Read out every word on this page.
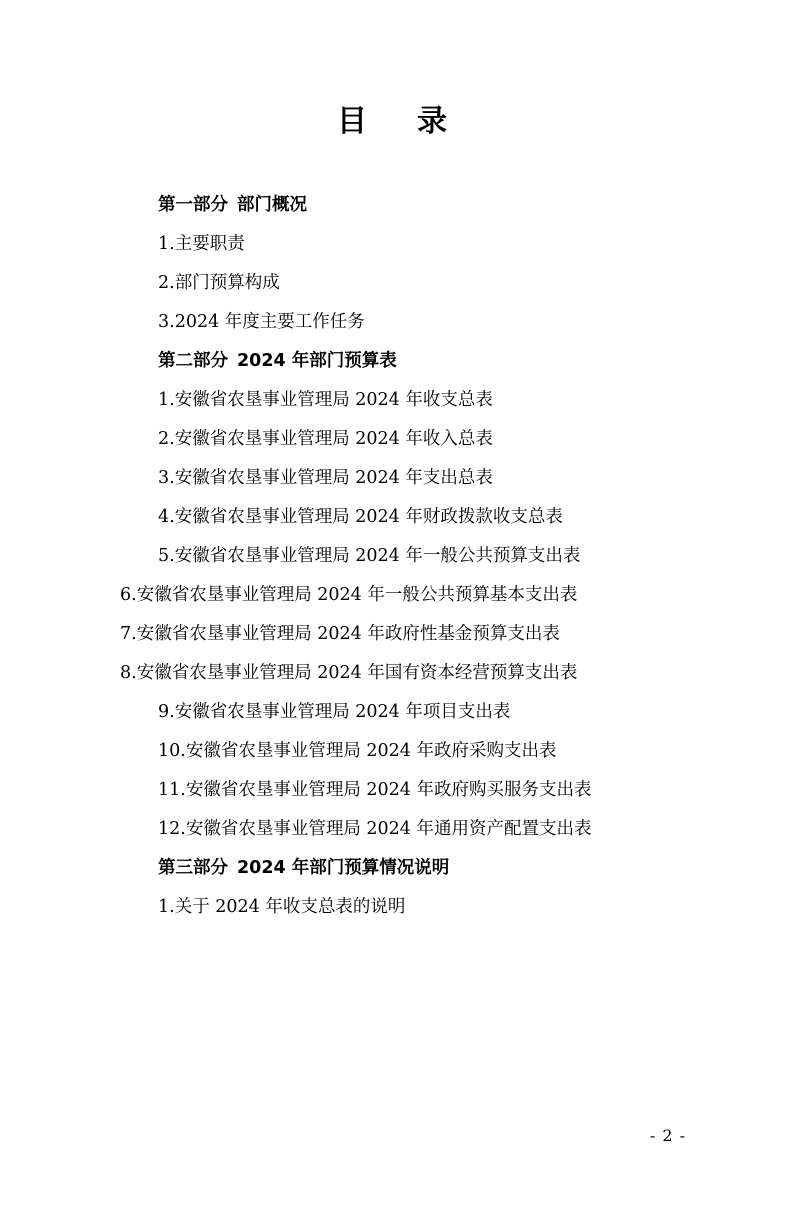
目　录
第一部分 部门概况
1.主要职责
2.部门预算构成
3.2024 年度主要工作任务
第二部分 2024 年部门预算表
1.安徽省农垦事业管理局 2024 年收支总表
2.安徽省农垦事业管理局 2024 年收入总表
3.安徽省农垦事业管理局 2024 年支出总表
4.安徽省农垦事业管理局 2024 年财政拨款收支总表
5.安徽省农垦事业管理局 2024 年一般公共预算支出表
6.安徽省农垦事业管理局 2024 年一般公共预算基本支出表
7.安徽省农垦事业管理局 2024 年政府性基金预算支出表
8.安徽省农垦事业管理局 2024 年国有资本经营预算支出表
9.安徽省农垦事业管理局 2024 年项目支出表
10.安徽省农垦事业管理局 2024 年政府采购支出表
11.安徽省农垦事业管理局 2024 年政府购买服务支出表
12.安徽省农垦事业管理局 2024 年通用资产配置支出表
第三部分 2024 年部门预算情况说明
1.关于 2024 年收支总表的说明
- 2 -
